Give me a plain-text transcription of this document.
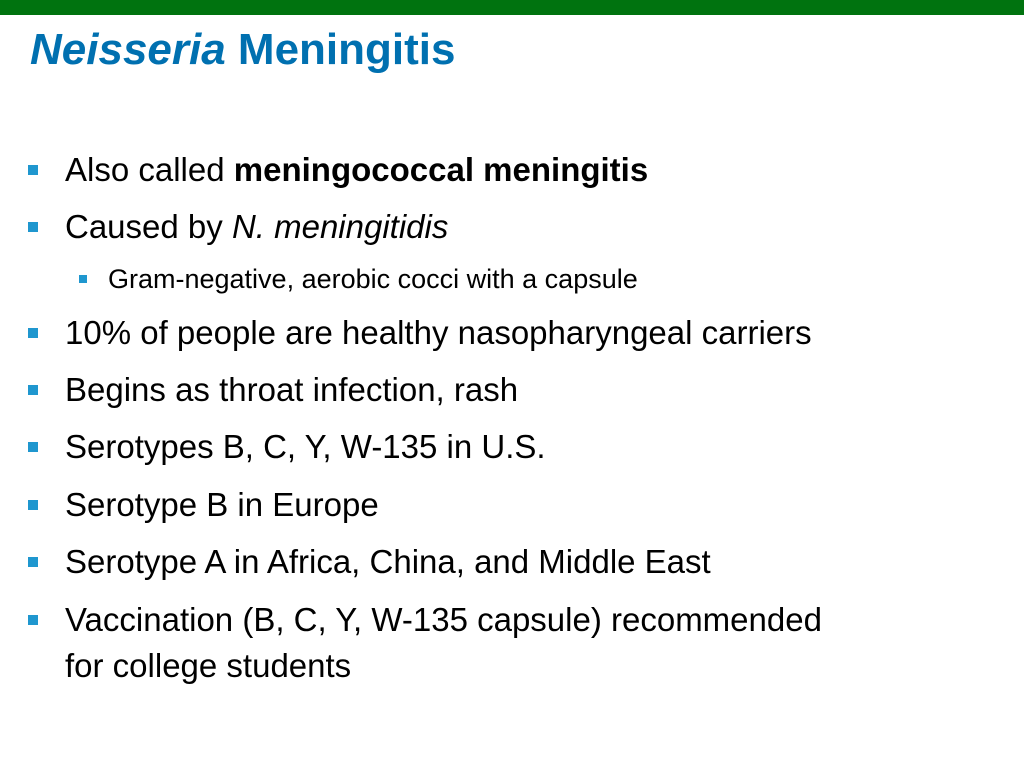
Neisseria Meningitis
Also called meningococcal meningitis
Caused by N. meningitidis
Gram-negative, aerobic cocci with a capsule
10% of people are healthy nasopharyngeal carriers
Begins as throat infection, rash
Serotypes B, C, Y, W-135 in U.S.
Serotype B in Europe
Serotype A in Africa, China, and Middle East
Vaccination (B, C, Y, W-135 capsule) recommended
for college students
